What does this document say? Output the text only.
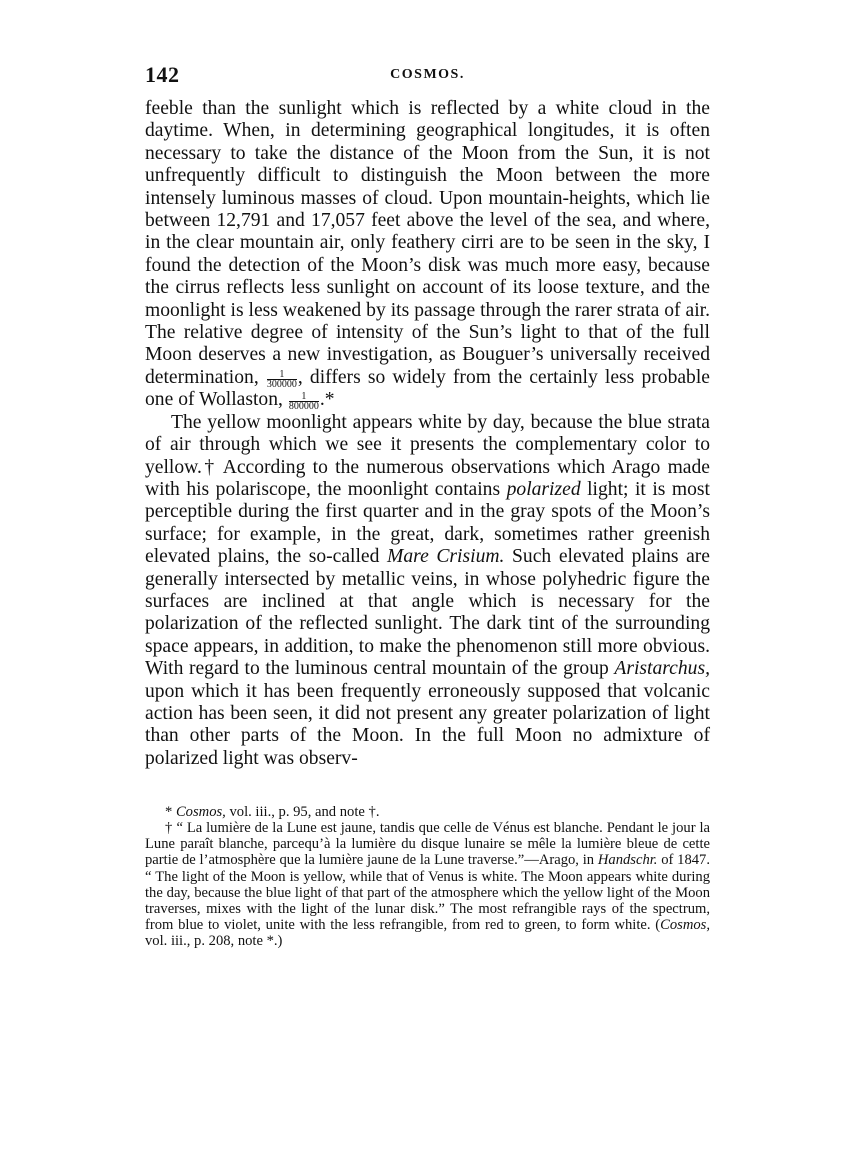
142	COSMOS.

feeble than the sunlight which is reflected by a white cloud in the daytime. When, in determining geographical longitudes, it is often necessary to take the distance of the Moon from the Sun, it is not unfrequently difficult to distinguish the Moon between the more intensely luminous masses of cloud. Upon mountain-heights, which lie between 12,791 and 17,057 feet above the level of the sea, and where, in the clear mountain air, only feathery cirri are to be seen in the sky, I found the detection of the Moon’s disk was much more easy, because the cirrus reflects less sunlight on account of its loose texture, and the moonlight is less weakened by its passage through the rarer strata of air. The relative degree of intensity of the Sun’s light to that of the full Moon deserves a new investigation, as Bouguer’s universally received determination, $\frac{1}{300000}$ , differs so widely from the certainly less probable one of Wollaston, $\frac{1}{800000}$ .*

The yellow moonlight appears white by day, because the blue strata of air through which we see it presents the complementary color to yellow.† According to the numerous observations which Arago made with his polariscope, the moonlight contains polarized light; it is most perceptible during the first quarter and in the gray spots of the Moon’s surface; for example, in the great, dark, sometimes rather greenish elevated plains, the so-called Mare Crisium. Such elevated plains are generally intersected by metallic veins, in whose polyhedric figure the surfaces are inclined at that angle which is necessary for the polarization of the reflected sunlight. The dark tint of the surrounding space appears, in addition, to make the phenomenon still more obvious. With regard to the luminous central mountain of the group Aristarchus, upon which it has been frequently erroneously supposed that volcanic action has been seen, it did not present any greater polarization of light than other parts of the Moon. In the full Moon no admixture of polarized light was observ-

* Cosmos, vol. iii., p. 95, and note †.

† “ La lumière de la Lune est jaune, tandis que celle de Vénus est blanche. Pendant le jour la Lune paraît blanche, parcequ’à la lumière du disque lunaire se mêle la lumière bleue de cette partie de l’atmosphère que la lumière jaune de la Lune traverse.”—Arago, in Handschr. of 1847. “ The light of the Moon is yellow, while that of Venus is white. The Moon appears white during the day, because the blue light of that part of the atmosphere which the yellow light of the Moon traverses, mixes with the light of the lunar disk.” The most refrangible rays of the spectrum, from blue to violet, unite with the less refrangible, from red to green, to form white. (Cosmos, vol. iii., p. 208, note *.)
